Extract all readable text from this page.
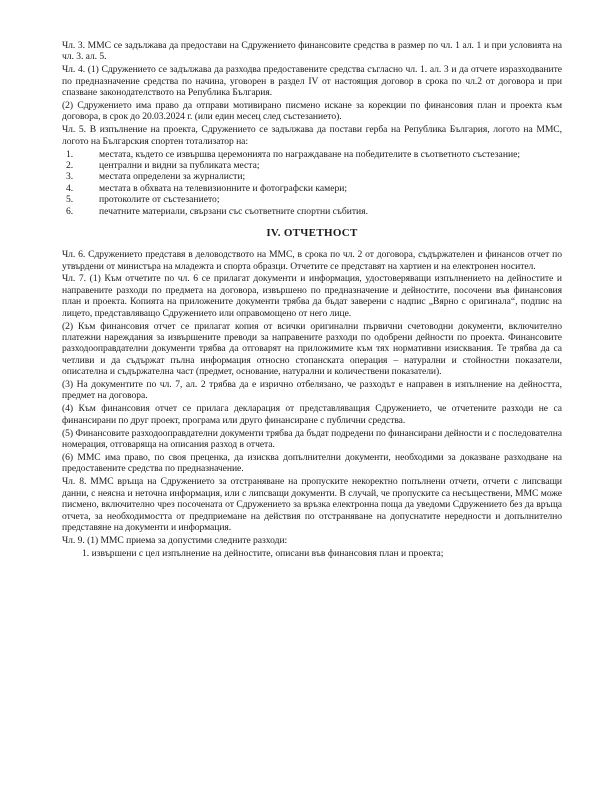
Чл. 3. ММС се задължава да предостави на Сдружението финансовите средства в размер по чл. 1 ал. 1 и при условията на чл. 3. ал. 5.

Чл. 4. (1) Сдружението се задължава да разходва предоставените средства съгласно чл. 1. ал. 3 и да отчете изразходваните по предназначение средства по начина, уговорен в раздел IV от настоящия договор в срока по чл.2 от договора и при спазване законодателството на Република България.

(2) Сдружението има право да отправи мотивирано писмено искане за корекции по финансовия план и проекта към договора, в срок до 20.03.2024 г. (или един месец след състезанието).

Чл. 5. В изпълнение на проекта, Сдружението се задължава да постави герба на Република България, логото на ММС, логото на Българския спортен тотализатор на:

1.	местата, където се извършва церемонията по награждаване на победителите в съответното състезание;
2.	централни и видни за публиката места;
3.	местата определени за журналисти;
4.	местата в обхвата на телевизионните и фотографски камери;
5.	протоколите от състезанието;
6.	печатните материали, свързани със съответните спортни събития.
IV. ОТЧЕТНОСТ

Чл. 6. Сдружението представя в деловодството на ММС, в срока по чл. 2 от договора, съдържателен и финансов отчет по утвърдени от министъра на младежта и спорта образци. Отчетите се представят на хартиен и на електронен носител.

Чл. 7. (1) Към отчетите по чл. 6 се прилагат документи и информация, удостоверяващи изпълнението на дейностите и направените разходи по предмета на договора, извършено по предназначение и дейностите, посочени във финансовия план и проекта. Копията на приложените документи трябва да бъдат заверени с надпис „Вярно с оригинала“, подпис на лицето, представляващо Сдружението или оправомощено от него лице.

(2) Към финансовия отчет се прилагат копия от всички оригинални първични счетоводни документи, включително платежни нареждания за извършените преводи за направените разходи по одобрени дейности по проекта. Финансовите разходооправдателни документи трябва да отговарят на приложимите към тях нормативни изисквания. Те трябва да са четливи и да съдържат пълна информация относно стопанската операция – натурални и стойностни показатели, описателна и съдържателна част (предмет, основание, натурални и количествени показатели).

(3) На документите по чл. 7, ал. 2 трябва да е изрично отбелязано, че разходът е направен в изпълнение на дейността, предмет на договора.

(4) Към финансовия отчет се прилага декларация от представляващия Сдружението, че отчетените разходи не са финансирани по друг проект, програма или друго финансиране с публични средства.

(5) Финансовите разходооправдателни документи трябва да бъдат подредени по финансирани дейности и с последователна номерация, отговаряща на описания разход в отчета.

(6) ММС има право, по своя преценка, да изисква допълнителни документи, необходими за доказване разходване на предоставените средства по предназначение.

Чл. 8. ММС връща на Сдружението за отстраняване на пропуските некоректно попълнени отчети, отчети с липсващи данни, с неясна и неточна информация, или с липсващи документи. В случай, че пропуските са несъществени, ММС може писмено, включително чрез посочената от Сдружението за връзка електронна поща да уведоми Сдружението без да връща отчета, за необходимостта от предприемане на действия по отстраняване на допуснатите нередности и допълнително представяне на документи и информация.

Чл. 9. (1) ММС приема за допустими следните разходи:

1. извършени с цел изпълнение на дейностите, описани във финансовия план и проекта;
